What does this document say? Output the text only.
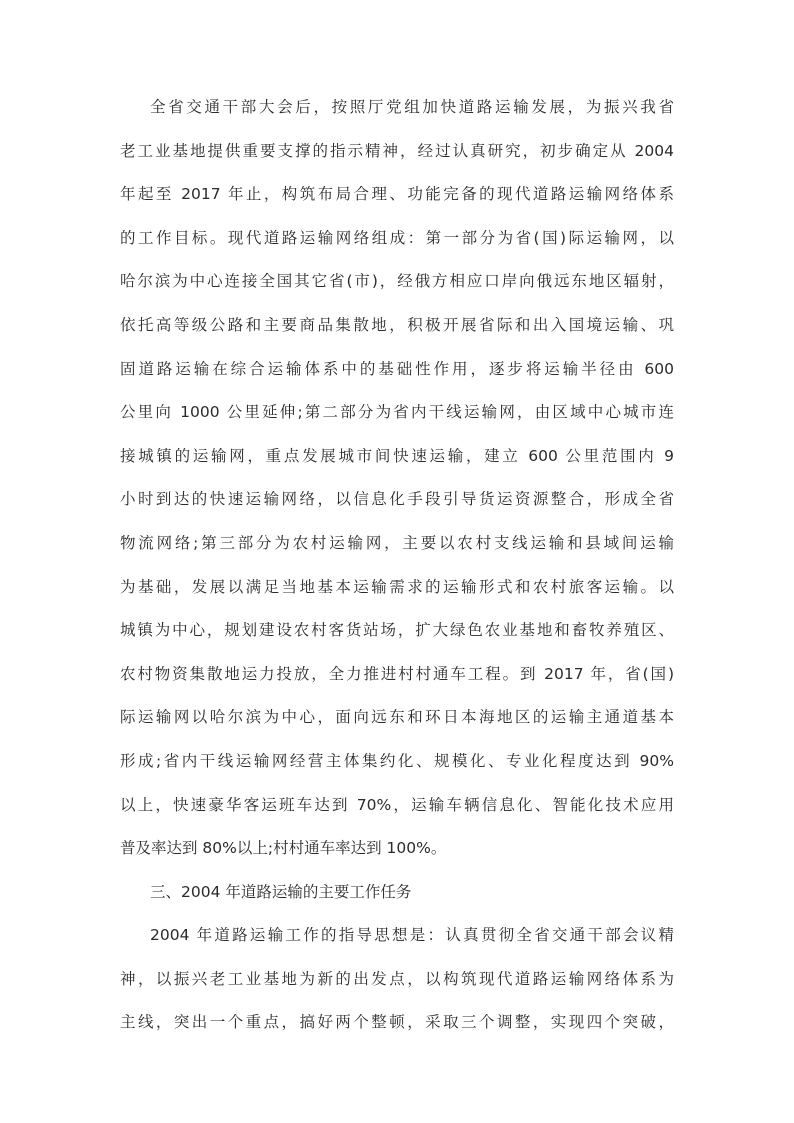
全省交通干部大会后，按照厅党组加快道路运输发展，为振兴我省
老工业基地提供重要支撑的指示精神，经过认真研究，初步确定从 2004
年起至 2017 年止，构筑布局合理、功能完备的现代道路运输网络体系
的工作目标。现代道路运输网络组成：第一部分为省(国)际运输网，以
哈尔滨为中心连接全国其它省(市)，经俄方相应口岸向俄远东地区辐射，
依托高等级公路和主要商品集散地，积极开展省际和出入国境运输、巩
固道路运输在综合运输体系中的基础性作用，逐步将运输半径由 600
公里向 1000 公里延伸;第二部分为省内干线运输网，由区域中心城市连
接城镇的运输网，重点发展城市间快速运输，建立 600 公里范围内 9
小时到达的快速运输网络，以信息化手段引导货运资源整合，形成全省
物流网络;第三部分为农村运输网，主要以农村支线运输和县域间运输
为基础，发展以满足当地基本运输需求的运输形式和农村旅客运输。以
城镇为中心，规划建设农村客货站场，扩大绿色农业基地和畜牧养殖区、
农村物资集散地运力投放，全力推进村村通车工程。到 2017 年，省(国)
际运输网以哈尔滨为中心，面向远东和环日本海地区的运输主通道基本
形成;省内干线运输网经营主体集约化、规模化、专业化程度达到 90%
以上，快速豪华客运班车达到 70%，运输车辆信息化、智能化技术应用
普及率达到 80%以上;村村通车率达到 100%。
三、2004 年道路运输的主要工作任务
2004 年道路运输工作的指导思想是：认真贯彻全省交通干部会议精
神，以振兴老工业基地为新的出发点，以构筑现代道路运输网络体系为
主线，突出一个重点，搞好两个整顿，采取三个调整，实现四个突破，
